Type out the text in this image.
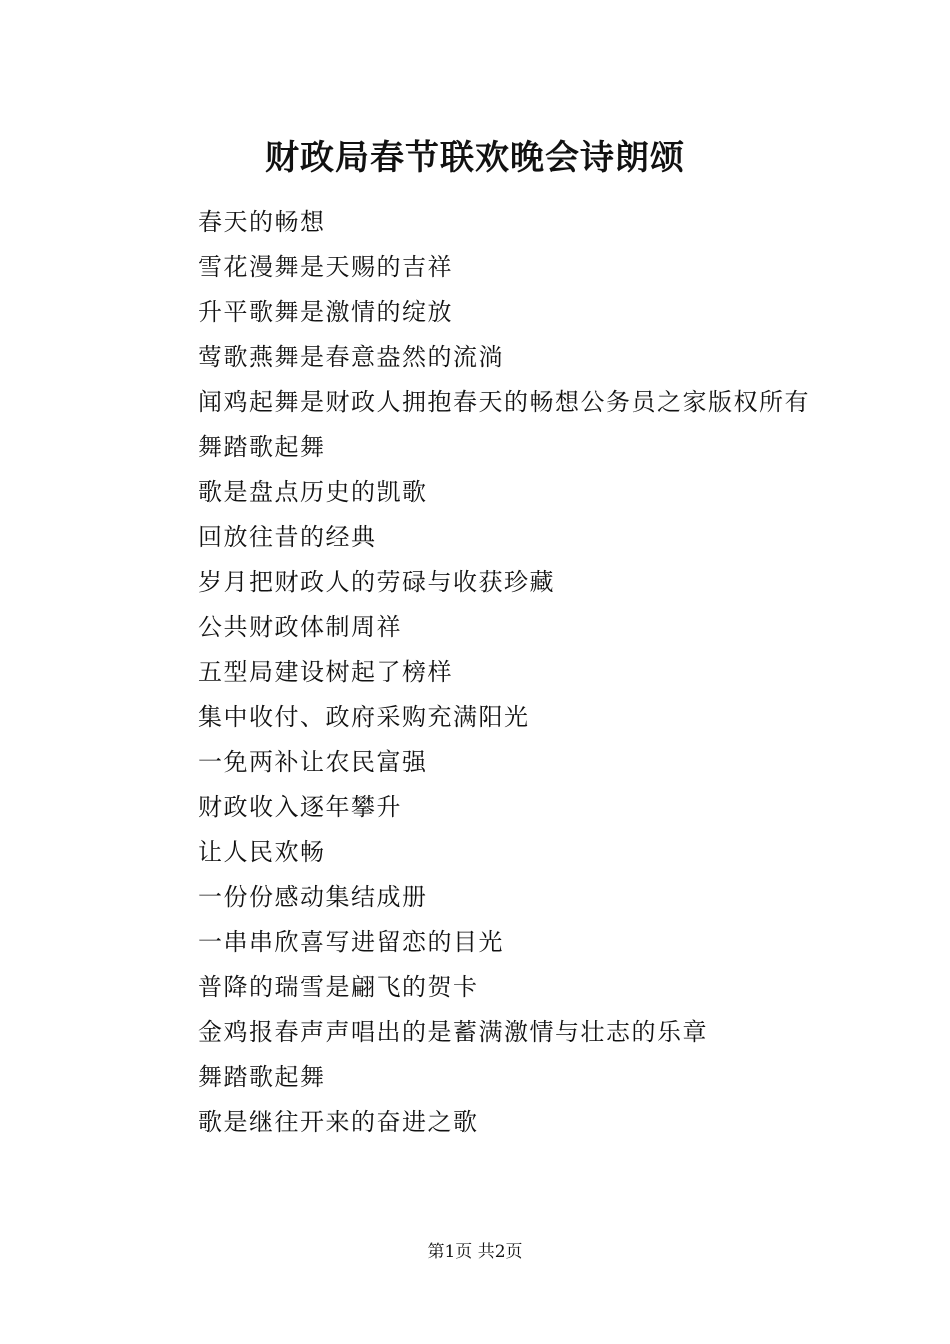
财政局春节联欢晚会诗朗颂

春天的畅想

雪花漫舞是天赐的吉祥

升平歌舞是激情的绽放

莺歌燕舞是春意盎然的流淌

闻鸡起舞是财政人拥抱春天的畅想公务员之家版权所有

舞踏歌起舞

歌是盘点历史的凯歌

回放往昔的经典

岁月把财政人的劳碌与收获珍藏

公共财政体制周祥

五型局建设树起了榜样

集中收付、政府采购充满阳光

一免两补让农民富强

财政收入逐年攀升

让人民欢畅

一份份感动集结成册

一串串欣喜写进留恋的目光

普降的瑞雪是翩飞的贺卡

金鸡报春声声唱出的是蓄满激情与壮志的乐章

舞踏歌起舞

歌是继往开来的奋进之歌

第1页 共2页
